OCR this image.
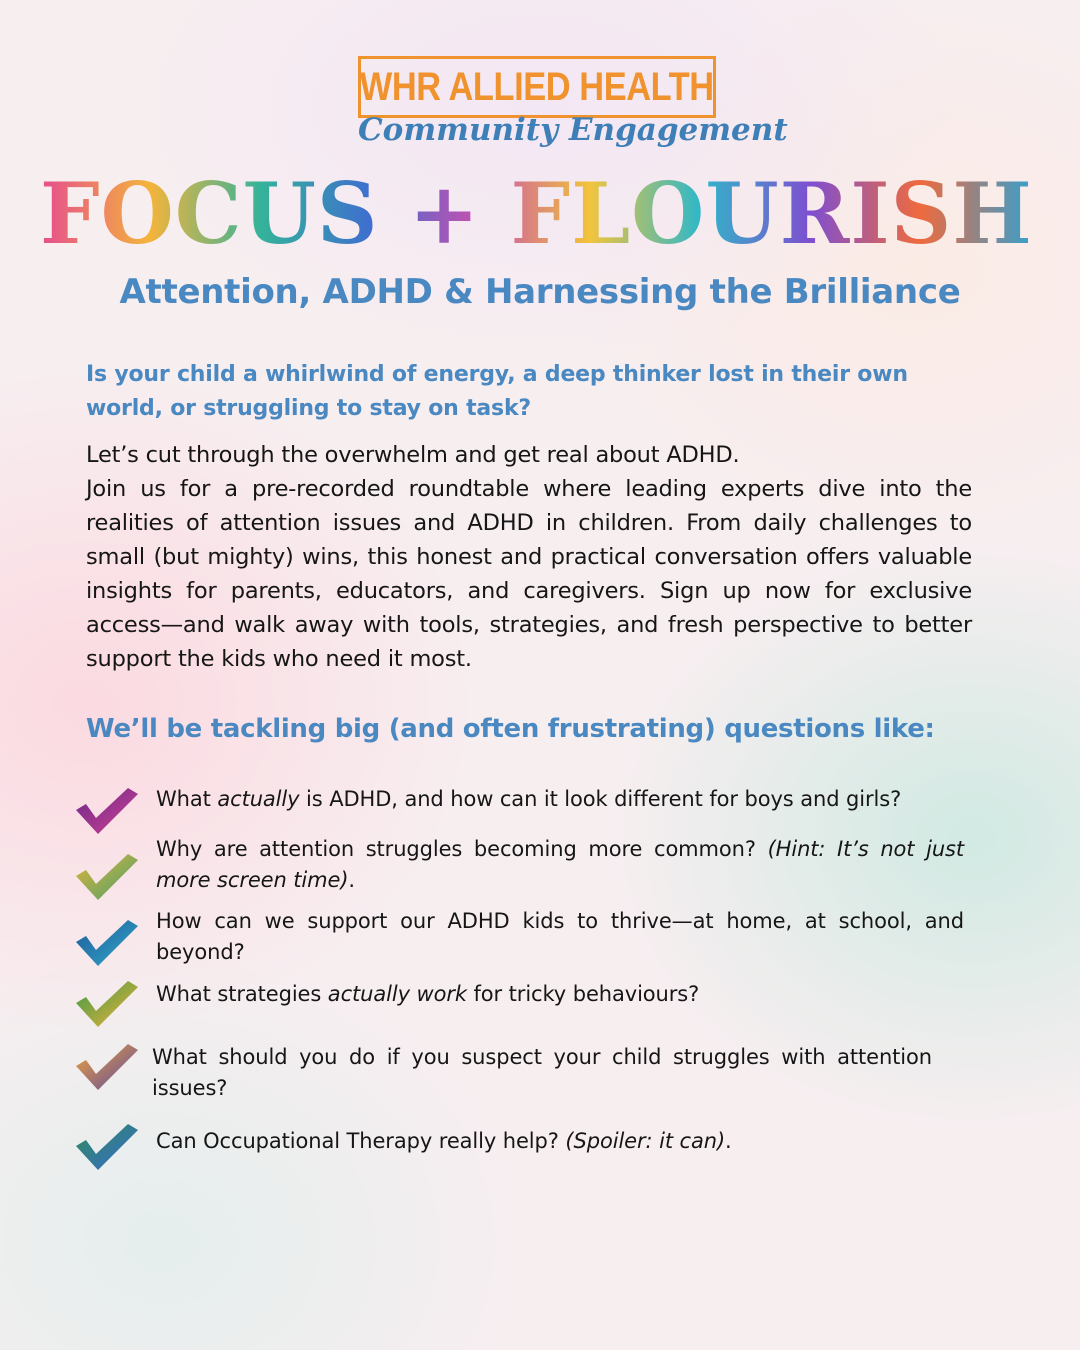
WHR ALLIED HEALTH
Community Engagement
FOCUS + FLOURISH:
Attention, ADHD & Harnessing the Brilliance
Is your child a whirlwind of energy, a deep thinker lost in their own world, or struggling to stay on task?

Let’s cut through the overwhelm and get real about ADHD.

Join us for a pre-recorded roundtable where leading experts dive into the realities of attention issues and ADHD in children. From daily challenges to small (but mighty) wins, this honest and practical conversation offers valuable insights for parents, educators, and caregivers. Sign up now for exclusive access—and walk away with tools, strategies, and fresh perspective to better support the kids who need it most.

We’ll be tackling big (and often frustrating) questions like:
What actually is ADHD, and how can it look different for boys and girls?
Why are attention struggles becoming more common? (Hint: It’s not just more screen time).
How can we support our ADHD kids to thrive—at home, at school, and beyond?
What strategies actually work for tricky behaviours?
What should you do if you suspect your child struggles with attention issues?
Can Occupational Therapy really help? (Spoiler: it can).
